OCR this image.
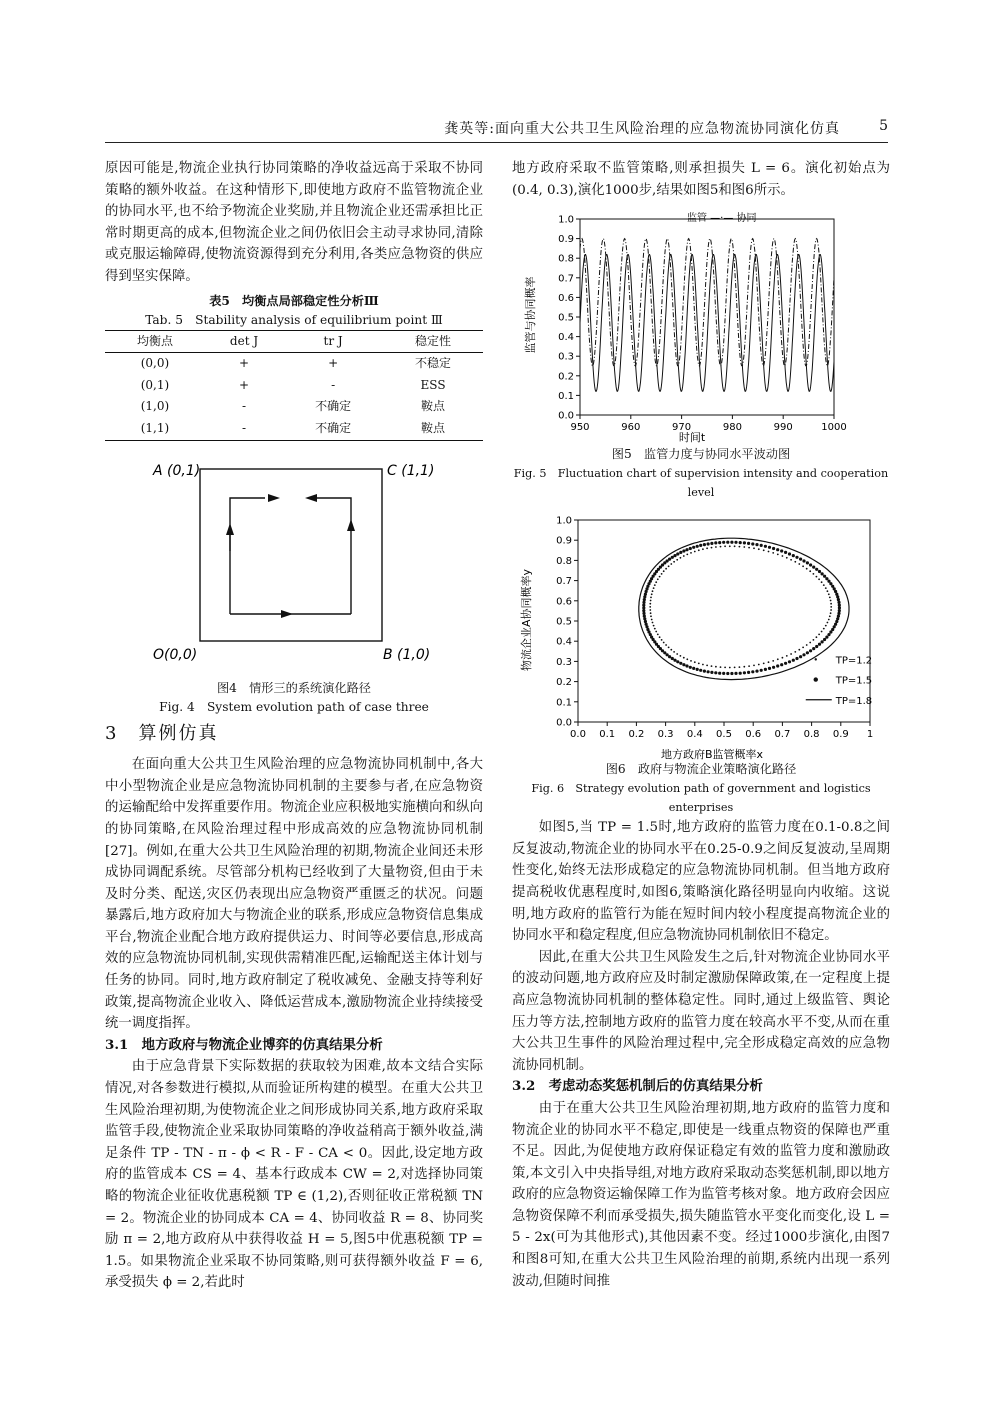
龚英等:面向重大公共卫生风险治理的应急物流协同演化仿真	5

原因可能是,物流企业执行协同策略的净收益远高于采取不协同策略的额外收益。在这种情形下,即使地方政府不监管物流企业的协同水平,也不给予物流企业奖励,并且物流企业还需承担比正常时期更高的成本,但物流企业之间仍依旧会主动寻求协同,清除或克服运输障碍,使物流资源得到充分利用,各类应急物资的供应得到坚实保障。

表5　均衡点局部稳定性分析Ⅲ
Tab. 5　Stability analysis of equilibrium point Ⅲ
均衡点	det J	tr J	稳定性
(0,0)	+	+	不稳定
(0,1)	+	-	ESS
(1,0)	-	不确定	鞍点
(1,1)	-	不确定	鞍点
A (0,1)	C (1,1)
O(0,0)	B (1,0)
图4　情形三的系统演化路径
Fig. 4　System evolution path of case three
3　算例仿真

在面向重大公共卫生风险治理的应急物流协同机制中,各大中小型物流企业是应急物流协同机制的主要参与者,在应急物资的运输配给中发挥重要作用。物流企业应积极地实施横向和纵向的协同策略,在风险治理过程中形成高效的应急物流协同机制[27]。例如,在重大公共卫生风险治理的初期,物流企业间还未形成协同调配系统。尽管部分机构已经收到了大量物资,但由于未及时分类、配送,灾区仍表现出应急物资严重匮乏的状况。问题暴露后,地方政府加大与物流企业的联系,形成应急物资信息集成平台,物流企业配合地方政府提供运力、时间等必要信息,形成高效的应急物流协同机制,实现供需精准匹配,运输配送主体计划与任务的协同。同时,地方政府制定了税收减免、金融支持等利好政策,提高物流企业收入、降低运营成本,激励物流企业持续接受统一调度指挥。

3.1　地方政府与物流企业博弈的仿真结果分析

由于应急背景下实际数据的获取较为困难,故本文结合实际情况,对各参数进行模拟,从而验证所构建的模型。在重大公共卫生风险治理初期,为使物流企业之间形成协同关系,地方政府采取监管手段,使物流企业采取协同策略的净收益稍高于额外收益,满足条件 TP - TN - π - ϕ < R - F - CA < 0。因此,设定地方政府的监管成本 CS = 4、基本行政成本 CW = 2,对选择协同策略的物流企业征收优惠税额 TP ∈ (1,2),否则征收正常税额 TN = 2。物流企业的协同成本 CA = 4、协同收益 R = 8、协同奖励 π = 2,地方政府从中获得收益 H = 5,图5中优惠税额 TP = 1.5。如果物流企业采取不协同策略,则可获得额外收益 F = 6,承受损失 ϕ = 2,若此时

地方政府采取不监管策略,则承担损失 L = 6。演化初始点为(0.4, 0.3),演化1000步,结果如图5和图6所示。

950	960	970	980	990	1000
0.0
0.1
0.2
0.3
0.4
0.5
0.6
0.7
0.8
0.9
1.0	监管 —·— 协同
时间t
监管与协同概率
图5　监管力度与协同水平波动图
Fig. 5　Fluctuation chart of supervision intensity and cooperation level
0.0 0.1 0.2 0.3 0.4 0.5 0.6 0.7 0.8 0.9 1
0.0
0.1
0.2
0.3
0.4
0.5
0.6
0.7
0.8
0.9
1.0
TP=1.2
TP=1.5
TP=1.8
地方政府B监管概率x
物流企业A协同概率y
图6　政府与物流企业策略演化路径
Fig. 6　Strategy evolution path of government and logistics enterprises

如图5,当 TP = 1.5时,地方政府的监管力度在0.1-0.8之间反复波动,物流企业的协同水平在0.25-0.9之间反复波动,呈周期性变化,始终无法形成稳定的应急物流协同机制。但当地方政府提高税收优惠程度时,如图6,策略演化路径明显向内收缩。这说明,地方政府的监管行为能在短时间内较小程度提高物流企业的协同水平和稳定程度,但应急物流协同机制依旧不稳定。

因此,在重大公共卫生风险发生之后,针对物流企业协同水平的波动问题,地方政府应及时制定激励保障政策,在一定程度上提高应急物流协同机制的整体稳定性。同时,通过上级监管、舆论压力等方法,控制地方政府的监管力度在较高水平不变,从而在重大公共卫生事件的风险治理过程中,完全形成稳定高效的应急物流协同机制。

3.2　考虑动态奖惩机制后的仿真结果分析

由于在重大公共卫生风险治理初期,地方政府的监管力度和物流企业的协同水平不稳定,即使是一线重点物资的保障也严重不足。因此,为促使地方政府保证稳定有效的监管力度和激励政策,本文引入中央指导组,对地方政府采取动态奖惩机制,即以地方政府的应急物资运输保障工作为监管考核对象。地方政府会因应急物资保障不利而承受损失,损失随监管水平变化而变化,设 L = 5 - 2x(可为其他形式),其他因素不变。经过1000步演化,由图7和图8可知,在重大公共卫生风险治理的前期,系统内出现一系列波动,但随时间推
